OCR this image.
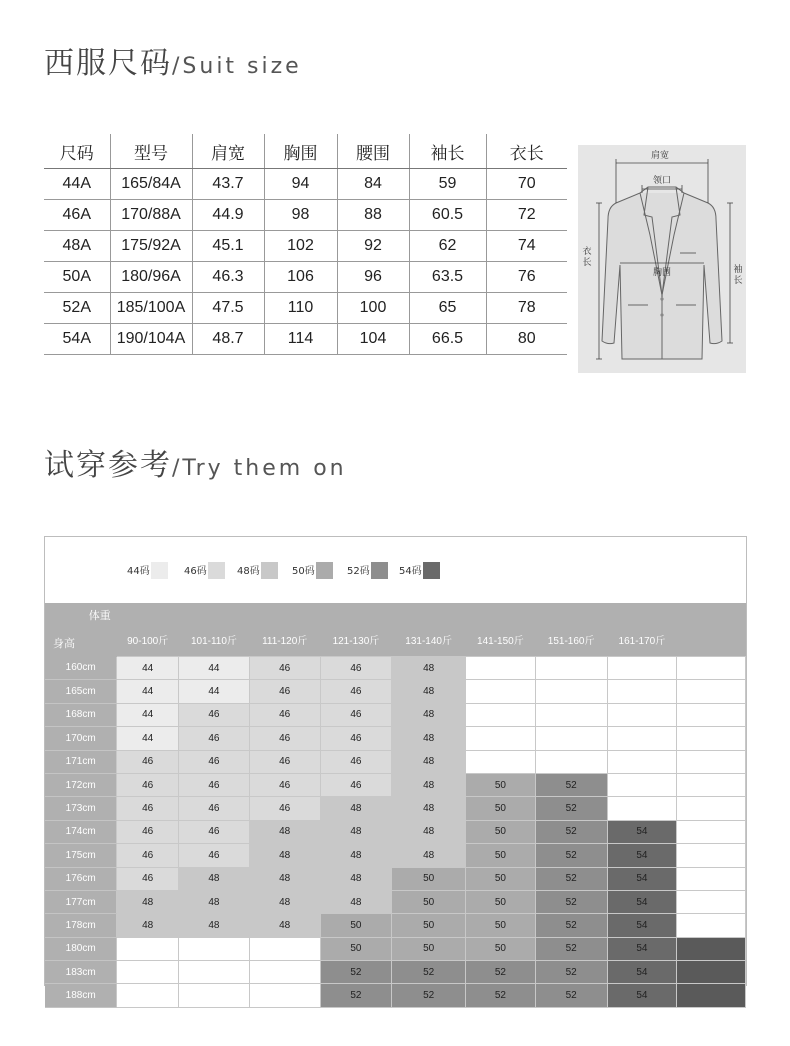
西服尺码/Suit size
尺码	型号	肩宽	胸围	腰围	袖长	衣长
44A	165/84A	43.7	94	84	59	70
46A	170/88A	44.9	98	88	60.5	72
48A	175/92A	45.1	102	92	62	74
50A	180/96A	46.3	106	96	63.5	76
52A	185/100A	47.5	110	100	65	78
54A	190/104A	48.7	114	104	66.5	80
肩宽
领口
胸围
衣长
袖长
试穿参考/Try them on
44码	46码	48码	50码	52码	54码
体重
身高	90-100斤	101-110斤	111-120斤	121-130斤	131-140斤	141-150斤	151-160斤	161-170斤	
160cm	44	44	46	46	48				
165cm	44	44	46	46	48				
168cm	44	46	46	46	48				
170cm	44	46	46	46	48				
171cm	46	46	46	46	48				
172cm	46	46	46	46	48	50	52		
173cm	46	46	46	48	48	50	52		
174cm	46	46	48	48	48	50	52	54	
175cm	46	46	48	48	48	50	52	54	
176cm	46	48	48	48	50	50	52	54	
177cm	48	48	48	48	50	50	52	54	
178cm	48	48	48	50	50	50	52	54	
180cm				50	50	50	52	54	
183cm				52	52	52	52	54	
188cm				52	52	52	52	54	
